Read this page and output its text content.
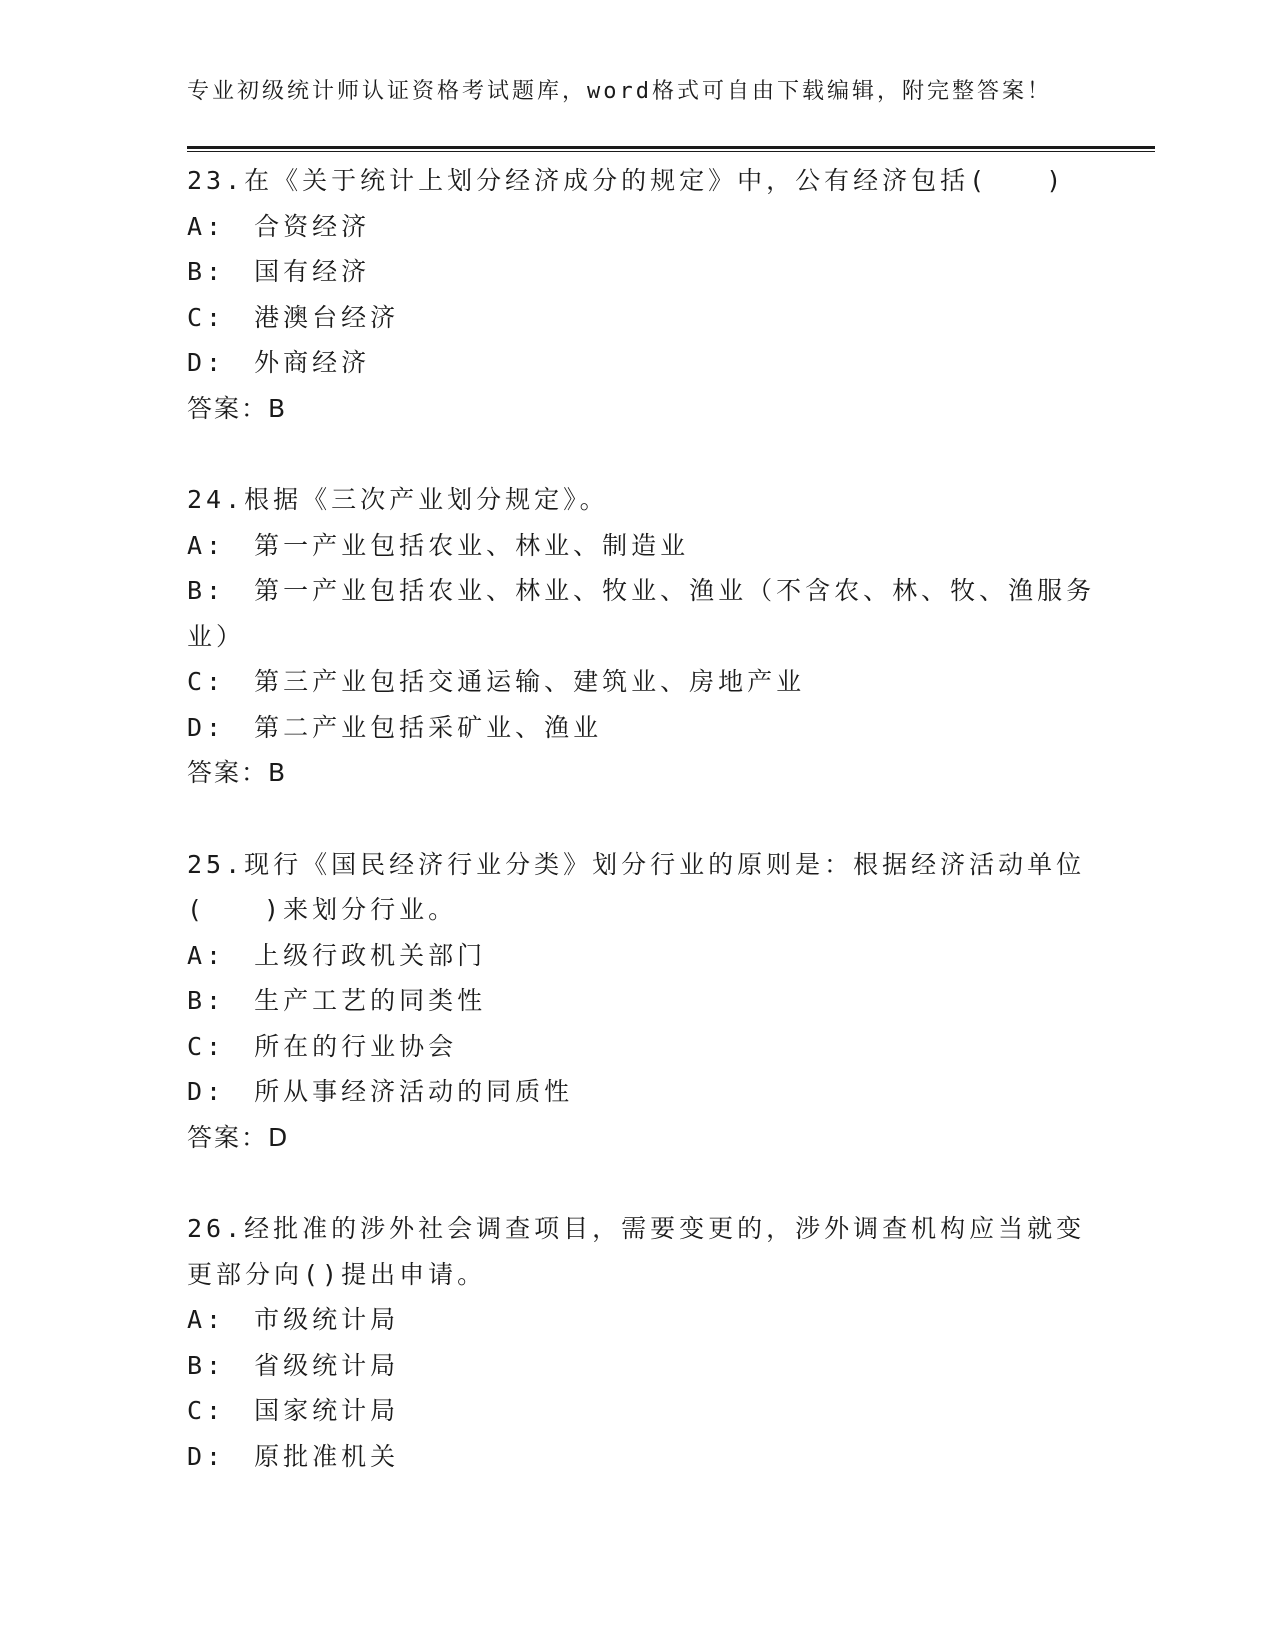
专业初级统计师认证资格考试题库，word格式可自由下载编辑，附完整答案！
23.在《关于统计上划分经济成分的规定》中，公有经济包括(　　)
A:　合资经济
B:　国有经济
C:　港澳台经济
D:　外商经济
答案：B
24.根据《三次产业划分规定》。
A:　第一产业包括农业、林业、制造业
B:　第一产业包括农业、林业、牧业、渔业（不含农、林、牧、渔服务
业）
C:　第三产业包括交通运输、建筑业、房地产业
D:　第二产业包括采矿业、渔业
答案：B
25.现行《国民经济行业分类》划分行业的原则是：根据经济活动单位
(　　)来划分行业。
A:　上级行政机关部门
B:　生产工艺的同类性
C:　所在的行业协会
D:　所从事经济活动的同质性
答案：D
26.经批准的涉外社会调查项目，需要变更的，涉外调查机构应当就变
更部分向()提出申请。
A:　市级统计局
B:　省级统计局
C:　国家统计局
D:　原批准机关
